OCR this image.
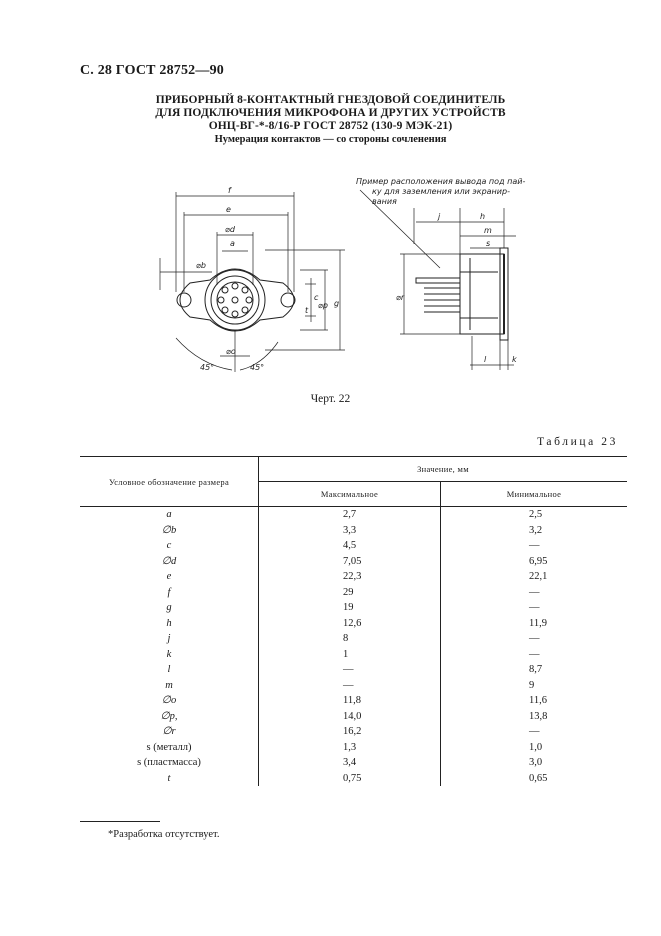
С. 28 ГОСТ 28752—90
ПРИБОРНЫЙ 8-КОНТАКТНЫЙ ГНЕЗДОВОЙ СОЕДИНИТЕЛЬ
ДЛЯ ПОДКЛЮЧЕНИЯ МИКРОФОНА И ДРУГИХ УСТРОЙСТВ
ОНЦ-ВГ-*-8/16-Р ГОСТ 28752 (130-9 МЭК-21)
Нумерация контактов — со стороны сочленения
f
e
⌀d
a
⌀b
c
t
⌀p g
⌀o
45°	45°
j	h
m
s
⌀r
l	k
Пример расположения вывода под пай-
ку для заземления или экранир-
вания
Черт. 22
Таблица 23
Условное обозначение размера	Значение, мм	
	Максимальное	Минимальное
a	2,7	2,5
∅b	3,3	3,2
c	4,5	—
∅d	7,05	6,95
e	22,3	22,1
f	29	—
g	19	—
h	12,6	11,9
j	8	—
k	1	—
l	—	8,7
m	—	9
∅o	11,8	11,6
∅p,	14,0	13,8
∅r	16,2	—
s (металл)	1,3	1,0
s (пластмасса)	3,4	3,0
t	0,75	0,65
*Разработка отсутствует.
